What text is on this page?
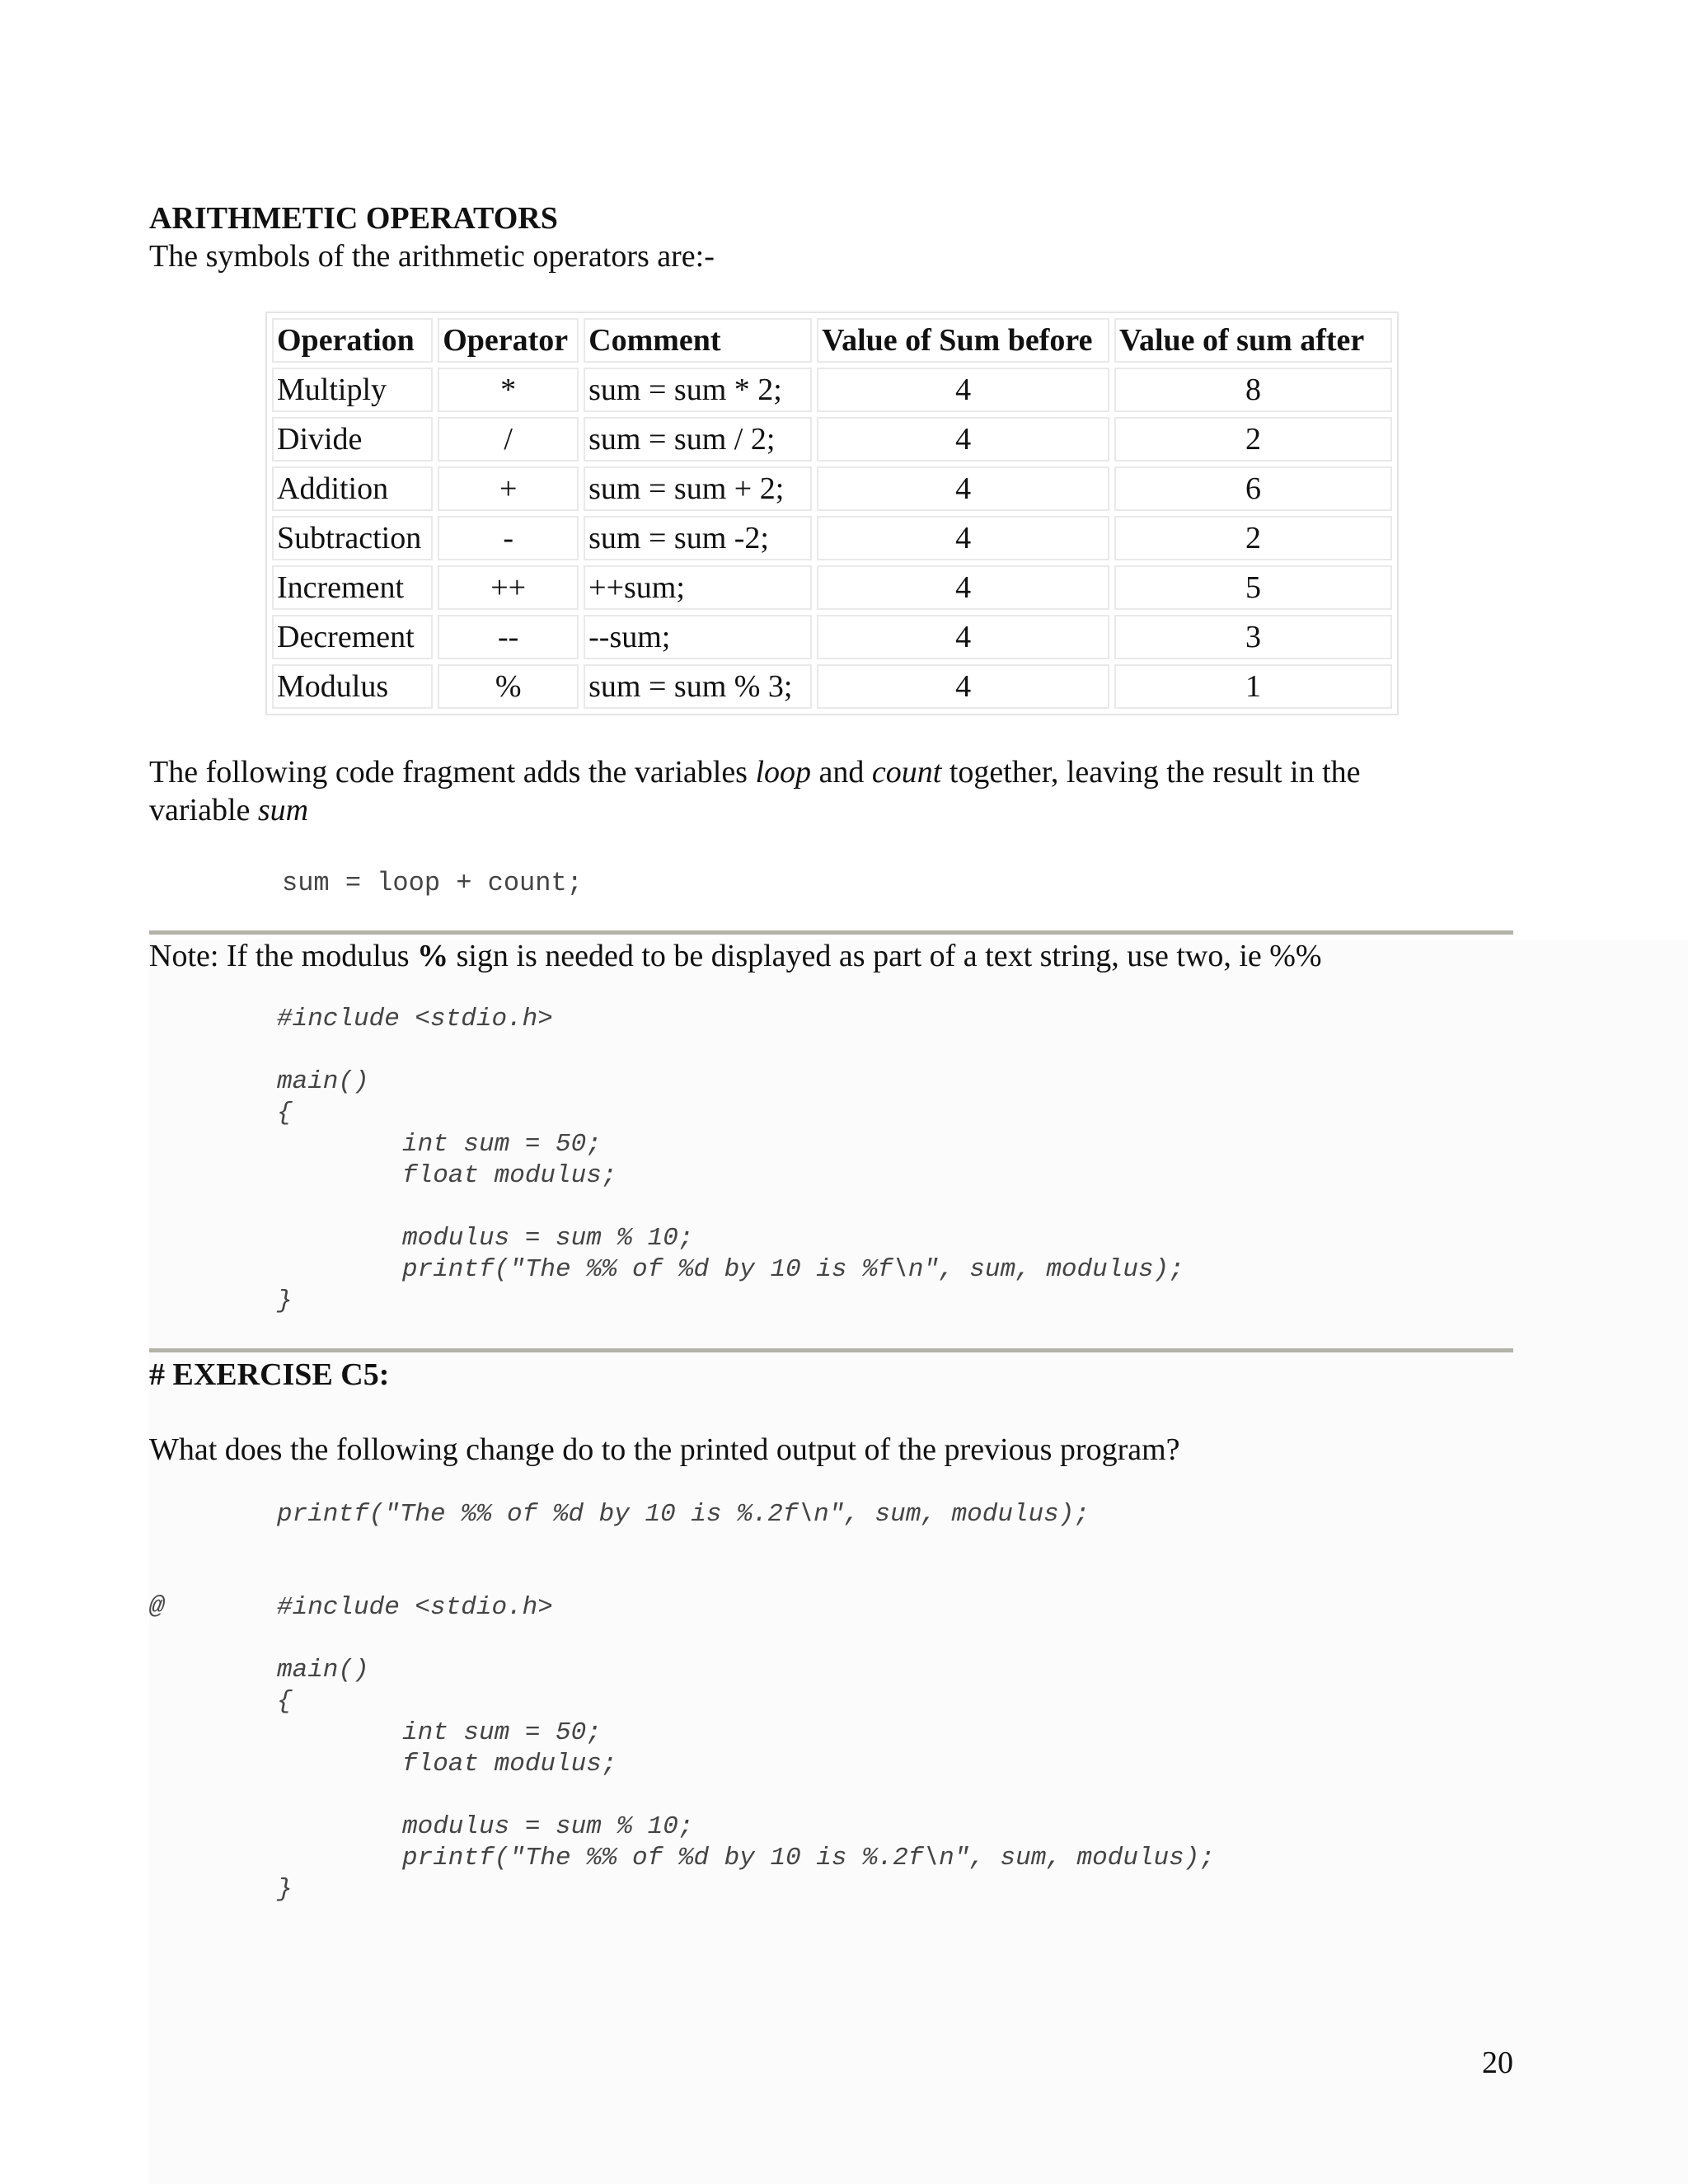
ARITHMETIC OPERATORS

The symbols of the arithmetic operators are:-

Operation	Operator	Comment	Value of Sum before	Value of sum after
Multiply	*	sum = sum * 2;	4	8
Divide	/	sum = sum / 2;	4	2
Addition	+	sum = sum + 2;	4	6
Subtraction	-	sum = sum -2;	4	2
Increment	++	++sum;	4	5
Decrement	--	--sum;	4	3
Modulus	%	sum = sum % 3;	4	1

The following code fragment adds the variables loop and count together, leaving the result in the
variable sum

sum = loop + count;

Note: If the modulus % sign is needed to be displayed as part of a text string, use two, ie %%

#include <stdio.h>
main()
{
int sum = 50;
float modulus;
modulus = sum % 10;
printf("The %% of %d by 10 is %f\n", sum, modulus);
}
# EXERCISE C5:

What does the following change do to the printed output of the previous program?

printf("The %% of %d by 10 is %.2f\n", sum, modulus);
@	#include <stdio.h>
main()
{
int sum = 50;
float modulus;
modulus = sum % 10;
printf("The %% of %d by 10 is %.2f\n", sum, modulus);
}
20
